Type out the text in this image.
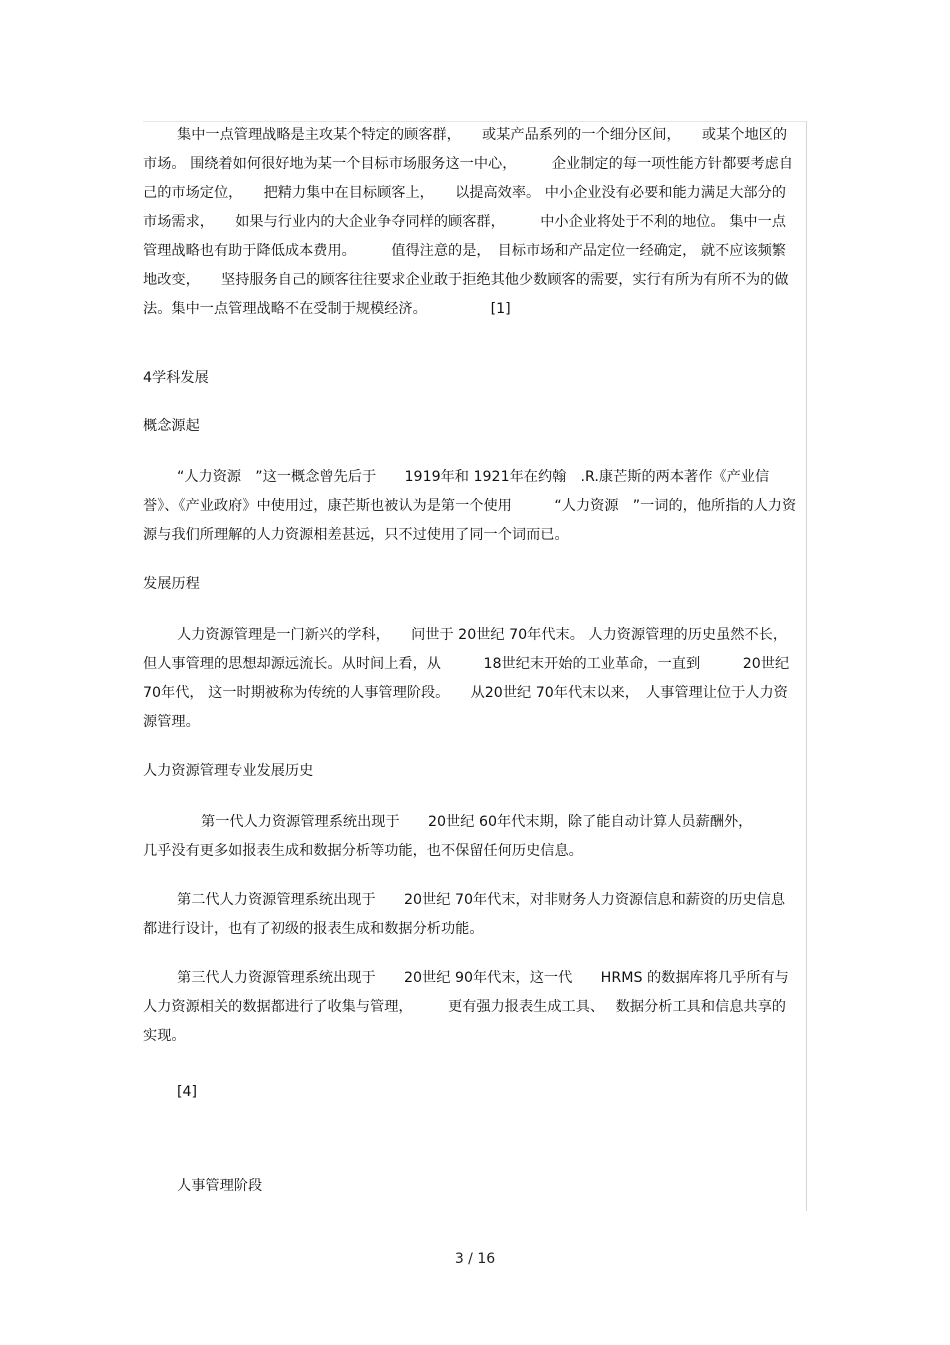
集中一点管理战略是主攻某个特定的顾客群，　　或某产品系列的一个细分区间，　　或某个地区的市场。 围绕着如何很好地为某一个目标市场服务这一中心，　　　企业制定的每一项性能方针都要考虑自己的市场定位，　　把精力集中在目标顾客上，　　以提高效率。 中小企业没有必要和能力满足大部分的市场需求，　　如果与行业内的大企业争夺同样的顾客群，　　　中小企业将处于不利的地位。 集中一点管理战略也有助于降低成本费用。　　　值得注意的是，　目标市场和产品定位一经确定， 就不应该频繁地改变，　　坚持服务自己的顾客往往要求企业敢于拒绝其他少数顾客的需要，实行有所为有所不为的做法。集中一点管理战略不在受制于规模经济。　　　　　[1]

4学科发展

概念源起

“人力资源　”这一概念曾先后于　　1919年和 1921年在约翰　.R.康芒斯的两本著作《产业信誉》、《产业政府》中使用过，康芒斯也被认为是第一个使用　　　“人力资源　”一词的，他所指的人力资源与我们所理解的人力资源相差甚远，只不过使用了同一个词而已。

发展历程

人力资源管理是一门新兴的学科，　　问世于 20世纪 70年代末。 人力资源管理的历史虽然不长，但人事管理的思想却源远流长。从时间上看，从　　　18世纪末开始的工业革命，一直到　　　20世纪 70年代， 这一时期被称为传统的人事管理阶段。　　从20世纪 70年代末以来，　人事管理让位于人力资源管理。

人力资源管理专业发展历史

第一代人力资源管理系统出现于　　20世纪 60年代末期，除了能自动计算人员薪酬外，

几乎没有更多如报表生成和数据分析等功能，也不保留任何历史信息。

第二代人力资源管理系统出现于　　20世纪 70年代末，对非财务人力资源信息和薪资的历史信息都进行设计，也有了初级的报表生成和数据分析功能。

第三代人力资源管理系统出现于　　20世纪 90年代末，这一代　　HRMS 的数据库将几乎所有与人力资源相关的数据都进行了收集与管理，　　　更有强力报表生成工具、　 数据分析工具和信息共享的实现。

[4]

人事管理阶段

3 / 16
